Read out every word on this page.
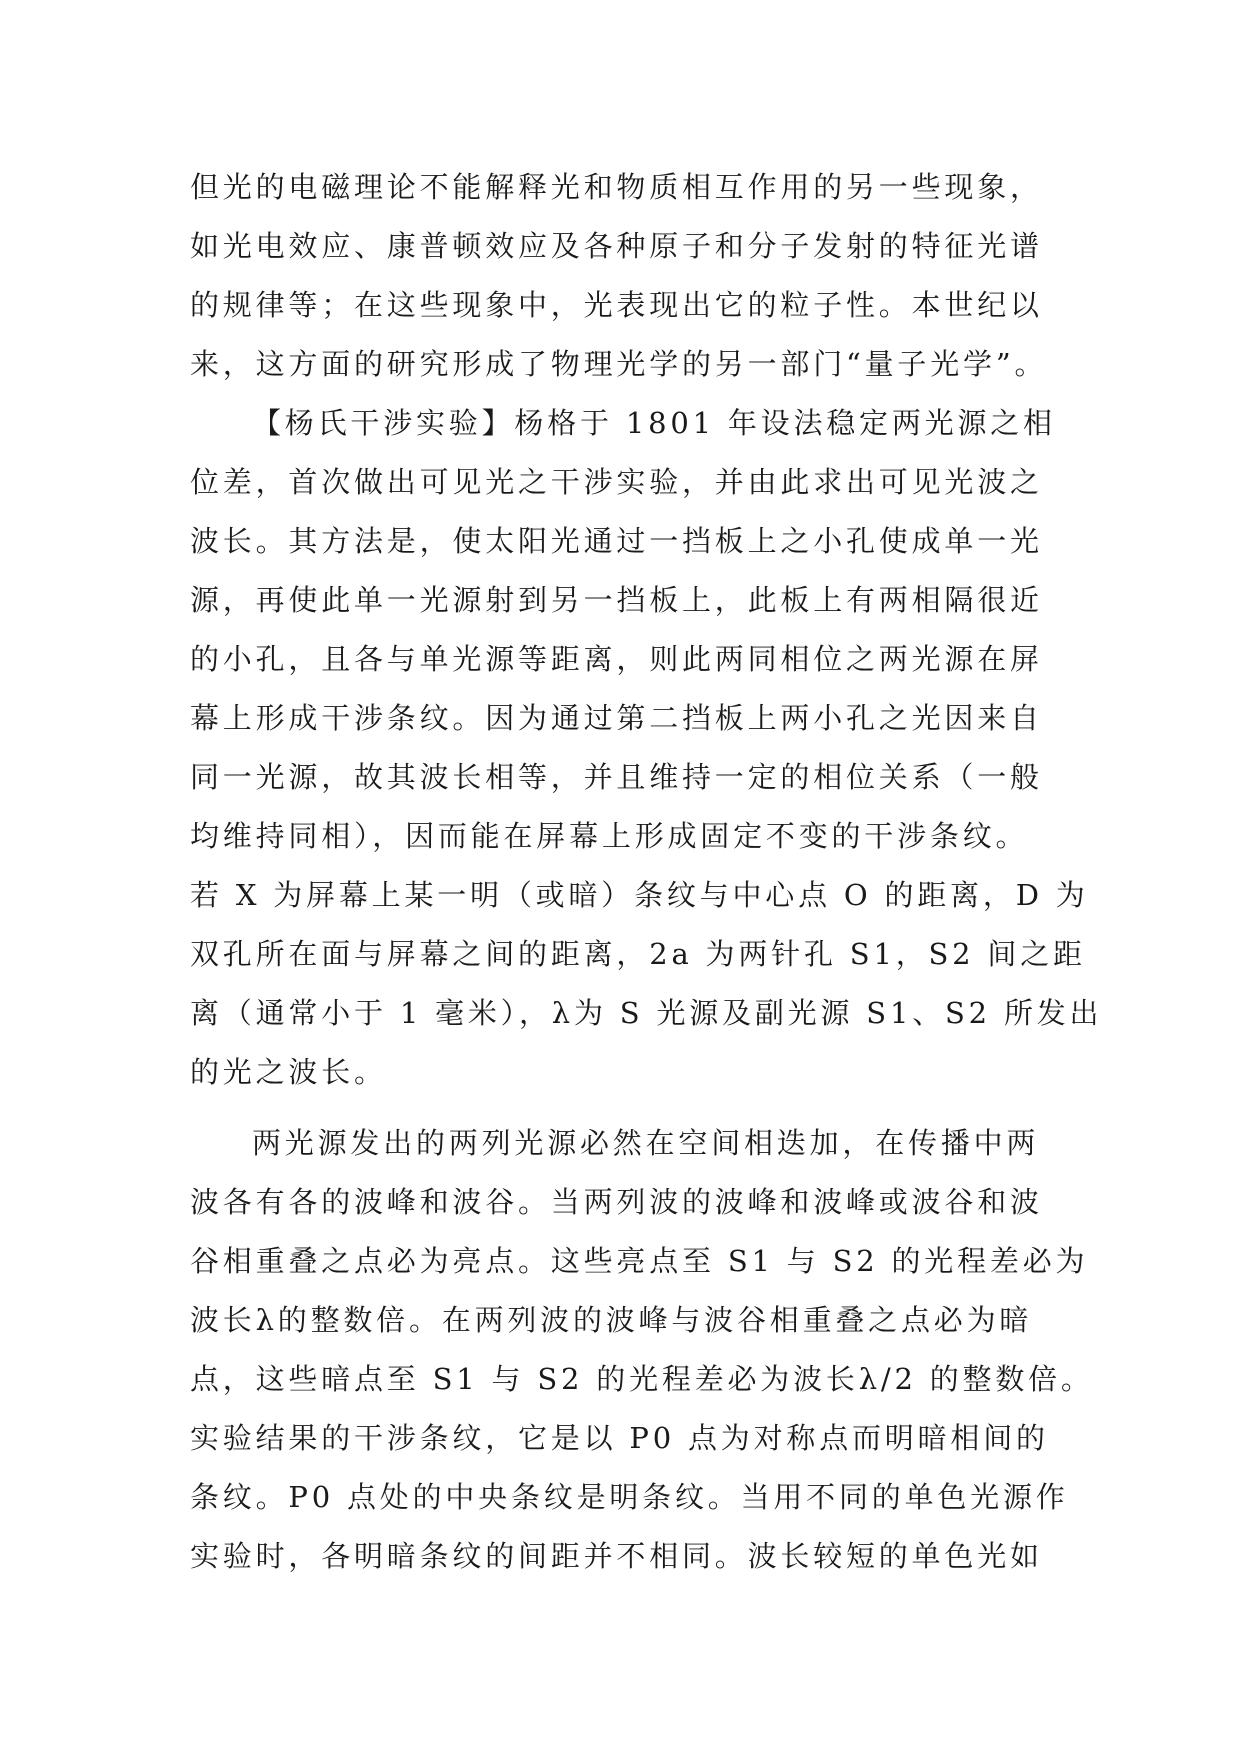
但光的电磁理论不能解释光和物质相互作用的另一些现象，
如光电效应、康普顿效应及各种原子和分子发射的特征光谱
的规律等；在这些现象中，光表现出它的粒子性。本世纪以
来，这方面的研究形成了物理光学的另一部门“量子光学”。
【杨氏干涉实验】杨格于 1801 年设法稳定两光源之相
位差，首次做出可见光之干涉实验，并由此求出可见光波之
波长。其方法是，使太阳光通过一挡板上之小孔使成单一光
源，再使此单一光源射到另一挡板上，此板上有两相隔很近
的小孔，且各与单光源等距离，则此两同相位之两光源在屏
幕上形成干涉条纹。因为通过第二挡板上两小孔之光因来自
同一光源，故其波长相等，并且维持一定的相位关系（一般
均维持同相），因而能在屏幕上形成固定不变的干涉条纹。
若 X 为屏幕上某一明（或暗）条纹与中心点 O 的距离，D 为
双孔所在面与屏幕之间的距离，2a 为两针孔 S1，S2 间之距
离（通常小于 1 毫米），λ为 S 光源及副光源 S1、S2 所发出
的光之波长。
两光源发出的两列光源必然在空间相迭加，在传播中两
波各有各的波峰和波谷。当两列波的波峰和波峰或波谷和波
谷相重叠之点必为亮点。这些亮点至 S1 与 S2 的光程差必为
波长λ的整数倍。在两列波的波峰与波谷相重叠之点必为暗
点，这些暗点至 S1 与 S2 的光程差必为波长λ/2 的整数倍。
实验结果的干涉条纹，它是以 P0 点为对称点而明暗相间的
条纹。P0 点处的中央条纹是明条纹。当用不同的单色光源作
实验时，各明暗条纹的间距并不相同。波长较短的单色光如
